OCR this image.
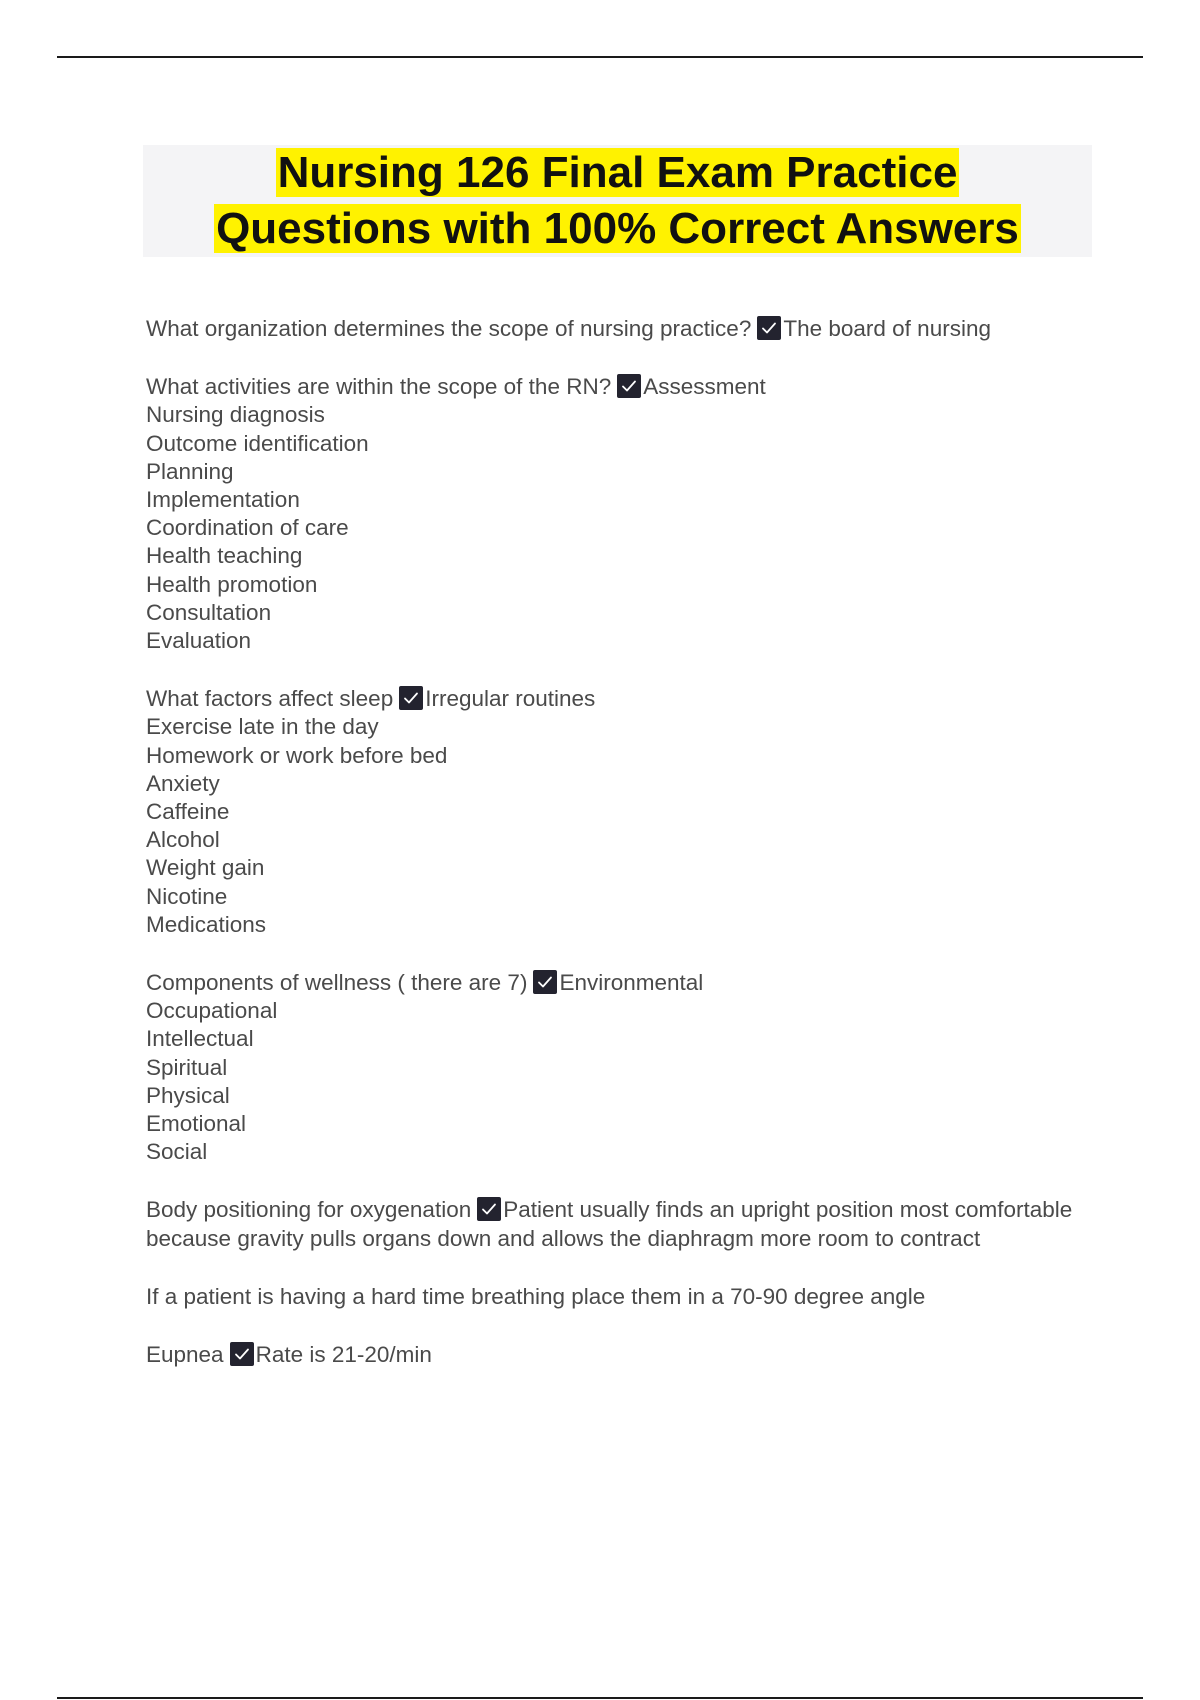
Nursing 126 Final Exam Practice
Questions with 100% Correct Answers
What organization determines the scope of nursing practice? The board of nursing
What activities are within the scope of the RN? Assessment
Nursing diagnosis
Outcome identification
Planning
Implementation
Coordination of care
Health teaching
Health promotion
Consultation
Evaluation
What factors affect sleep Irregular routines
Exercise late in the day
Homework or work before bed
Anxiety
Caffeine
Alcohol
Weight gain
Nicotine
Medications
Components of wellness ( there are 7) Environmental
Occupational
Intellectual
Spiritual
Physical
Emotional
Social
Body positioning for oxygenation Patient usually finds an upright position most comfortable because gravity pulls organs down and allows the diaphragm more room to contract
If a patient is having a hard time breathing place them in a 70-90 degree angle
Eupnea Rate is 21-20/min
